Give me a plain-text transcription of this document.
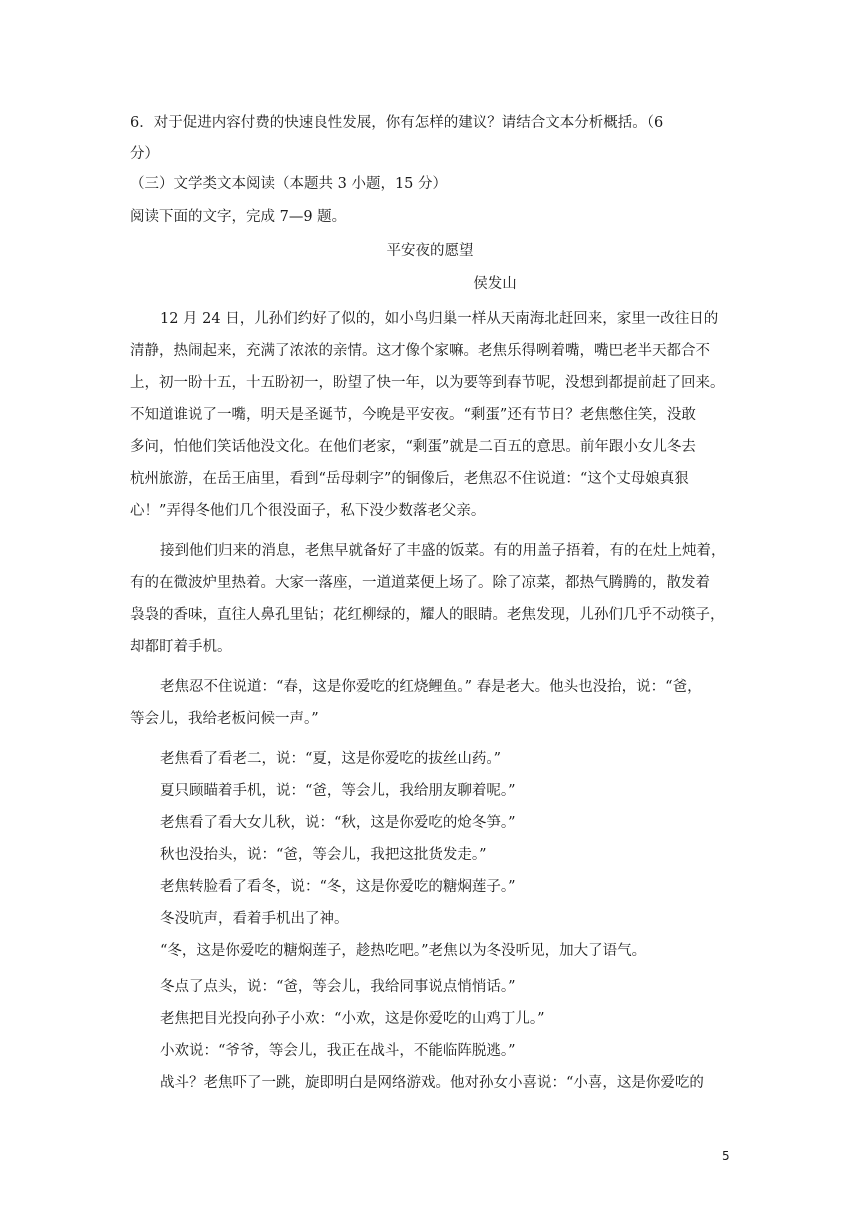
6．对于促进内容付费的快速良性发展，你有怎样的建议？请结合文本分析概括。（6
分）
（三）文学类文本阅读（本题共 3 小题，15 分）
阅读下面的文字，完成 7—9 题。
平安夜的愿望
侯发山
12 月 24 日，儿孙们约好了似的，如小鸟归巢一样从天南海北赶回来，家里一改往日的
清静，热闹起来，充满了浓浓的亲情。这才像个家嘛。老焦乐得咧着嘴，嘴巴老半天都合不
上，初一盼十五，十五盼初一，盼望了快一年，以为要等到春节呢，没想到都提前赶了回来。
不知道谁说了一嘴，明天是圣诞节，今晚是平安夜。“剩蛋”还有节日？老焦憋住笑，没敢
多问，怕他们笑话他没文化。在他们老家，“剩蛋”就是二百五的意思。前年跟小女儿冬去
杭州旅游，在岳王庙里，看到“岳母刺字”的铜像后，老焦忍不住说道：“这个丈母娘真狠
心！”弄得冬他们几个很没面子，私下没少数落老父亲。
接到他们归来的消息，老焦早就备好了丰盛的饭菜。有的用盖子捂着，有的在灶上炖着，
有的在微波炉里热着。大家一落座，一道道菜便上场了。除了凉菜，都热气腾腾的，散发着
袅袅的香味，直往人鼻孔里钻；花红柳绿的，耀人的眼睛。老焦发现，儿孙们几乎不动筷子，
却都盯着手机。
老焦忍不住说道：“春，这是你爱吃的红烧鲤鱼。” 春是老大。他头也没抬，说：“爸，
等会儿，我给老板问候一声。”
老焦看了看老二，说：“夏，这是你爱吃的拔丝山药。”
夏只顾瞄着手机，说：“爸，等会儿，我给朋友聊着呢。”
老焦看了看大女儿秋，说：“秋，这是你爱吃的炝冬笋。”
秋也没抬头，说：“爸，等会儿，我把这批货发走。”
老焦转脸看了看冬，说：“冬，这是你爱吃的糖焖莲子。”
冬没吭声，看着手机出了神。
“冬，这是你爱吃的糖焖莲子，趁热吃吧。”老焦以为冬没听见，加大了语气。
冬点了点头，说：“爸，等会儿，我给同事说点悄悄话。”
老焦把目光投向孙子小欢：“小欢，这是你爱吃的山鸡丁儿。”
小欢说：“爷爷，等会儿，我正在战斗，不能临阵脱逃。”
战斗？老焦吓了一跳，旋即明白是网络游戏。他对孙女小喜说：“小喜，这是你爱吃的
5
